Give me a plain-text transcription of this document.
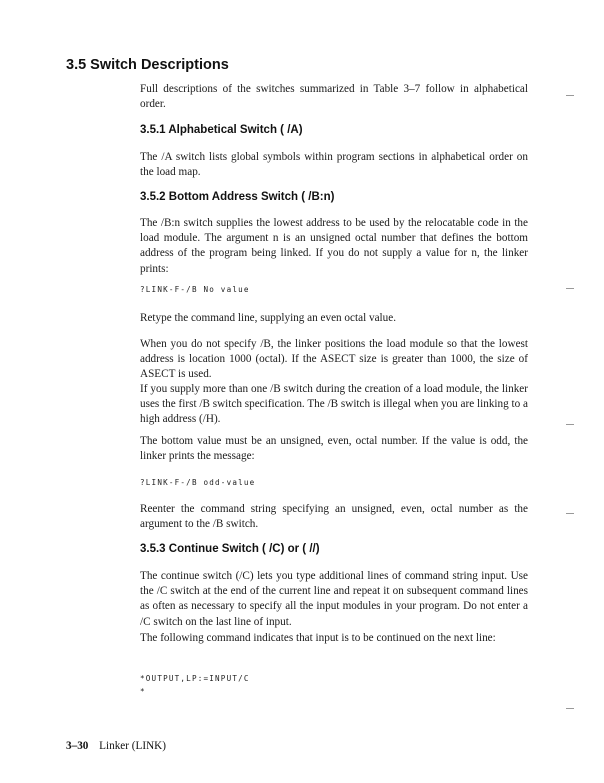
3.5 Switch Descriptions

Full descriptions of the switches summarized in Table 3–7 follow in alphabetical order.

3.5.1 Alphabetical Switch ( /A)

The /A switch lists global symbols within program sections in alphabetical order on the load map.

3.5.2 Bottom Address Switch ( /B:n)

The /B:n switch supplies the lowest address to be used by the relocatable code in the load module. The argument n is an unsigned octal number that defines the bottom address of the program being linked. If you do not supply a value for n, the linker prints:

?LINK-F-/B No value

Retype the command line, supplying an even octal value.

When you do not specify /B, the linker positions the load module so that the lowest address is location 1000 (octal). If the ASECT size is greater than 1000, the size of ASECT is used.

If you supply more than one /B switch during the creation of a load module, the linker uses the first /B switch specification. The /B switch is illegal when you are linking to a high address (/H).

The bottom value must be an unsigned, even, octal number. If the value is odd, the linker prints the message:

?LINK-F-/B odd-value

Reenter the command string specifying an unsigned, even, octal number as the argument to the /B switch.

3.5.3 Continue Switch ( /C) or ( //)

The continue switch (/C) lets you type additional lines of command string input. Use the /C switch at the end of the current line and repeat it on subsequent command lines as often as necessary to specify all the input modules in your program. Do not enter a /C switch on the last line of input.

The following command indicates that input is to be continued on the next line:

*OUTPUT,LP:=INPUT/C
*
3–30 Linker (LINK)
